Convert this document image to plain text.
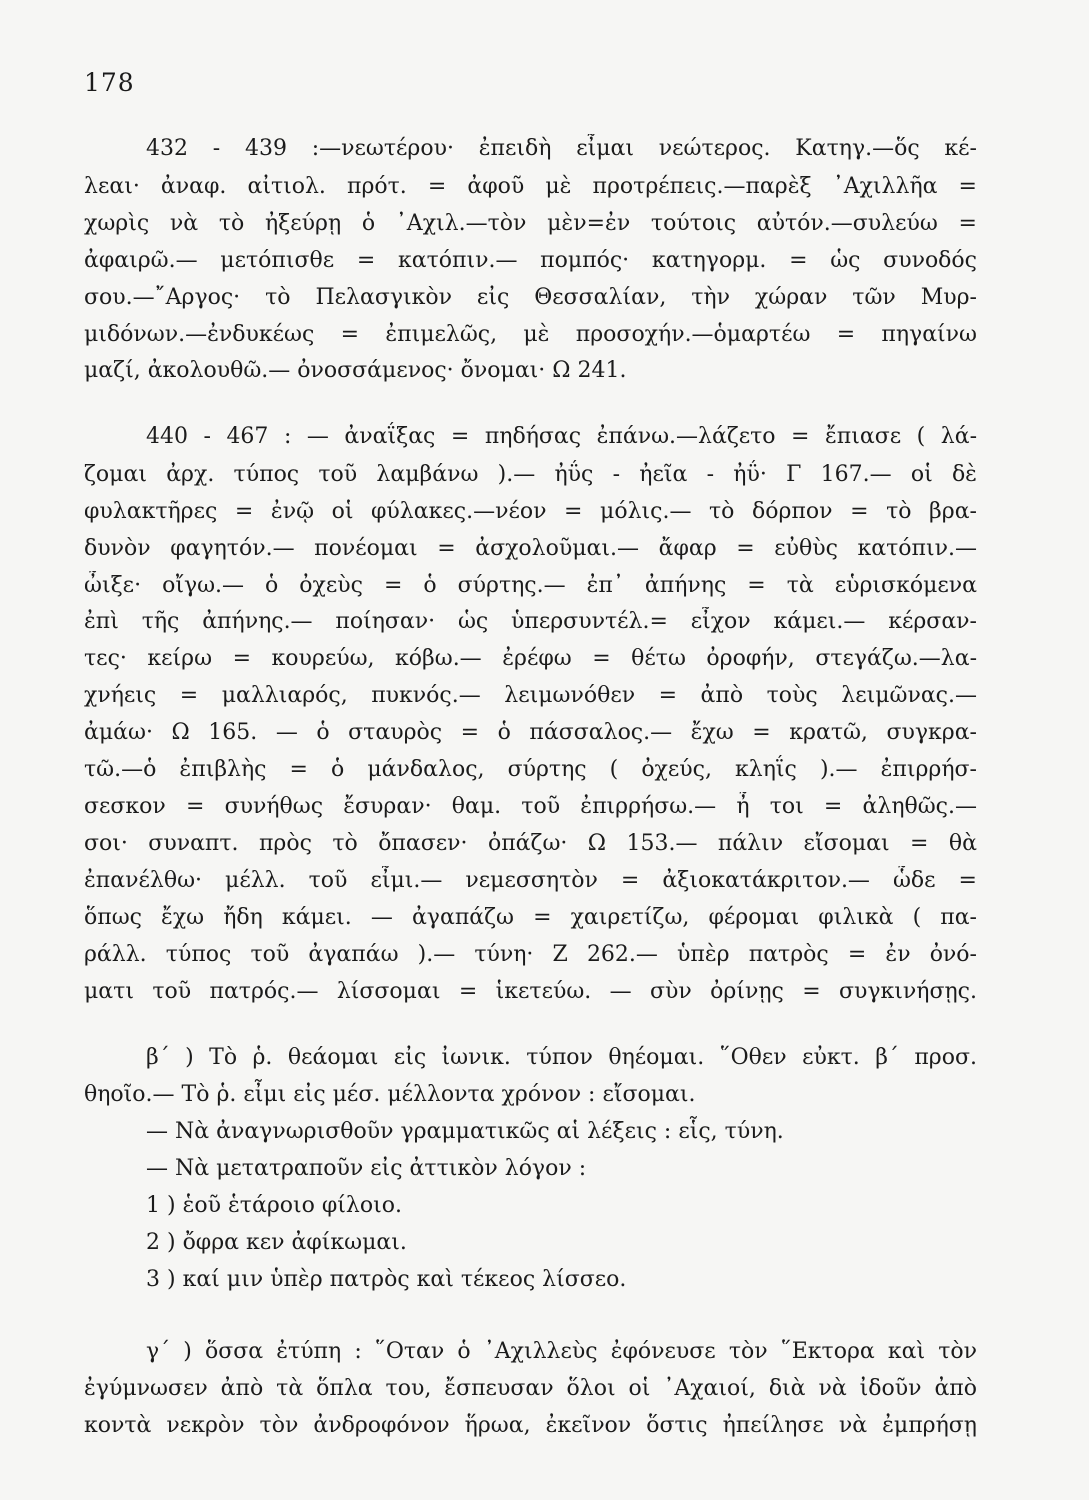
178
432 - 439 :—νεωτέρου· ἐπειδὴ εἶμαι νεώτερος. Κατηγ.—ὅς κέ-
λεαι· ἀναφ. αἰτιολ. πρότ. = ἀφοῦ μὲ προτρέπεις.—παρὲξ ᾽Αχιλλῆα =
χωρὶς νὰ τὸ ἠξεύρῃ ὁ ᾽Αχιλ.—τὸν μὲν=ἐν τούτοις αὐτόν.—συλεύω =
ἀφαιρῶ.— μετόπισθε = κατόπιν.— πομπός· κατηγορμ. = ὡς συνοδός
σου.—῎Αργος· τὸ Πελασγικὸν εἰς Θεσσαλίαν, τὴν χώραν τῶν Μυρ-
μιδόνων.—ἐνδυκέως = ἐπιμελῶς, μὲ προσοχήν.—ὁμαρτέω = πηγαίνω
μαζί, ἀκολουθῶ.— ὀνοσσάμενος· ὄνομαι· Ω 241.
440 - 467 : — ἀναΐξας = πηδήσας ἐπάνω.—λάζετο = ἔπιασε ( λά-
ζομαι ἀρχ. τύπος τοῦ λαμβάνω ).— ἠΰς - ἠεῖα - ἠΰ· Γ 167.— οἱ δὲ
φυλακτῆρες = ἐνῷ οἱ φύλακες.—νέον = μόλις.— τὸ δόρπον = τὸ βρα-
δυνὸν φαγητόν.— πονέομαι = ἀσχολοῦμαι.— ἄφαρ = εὐθὺς κατόπιν.—
ὦιξε· οἴγω.— ὁ ὀχεὺς = ὁ σύρτης.— ἐπ᾽ ἀπήνης = τὰ εὑρισκόμενα
ἐπὶ τῆς ἀπήνης.— ποίησαν· ὡς ὑπερσυντέλ.= εἶχον κάμει.— κέρσαν-
τες· κείρω = κουρεύω, κόβω.— ἐρέφω = θέτω ὀροφήν, στεγάζω.—λα-
χνήεις = μαλλιαρός, πυκνός.— λειμωνόθεν = ἀπὸ τοὺς λειμῶνας.—
ἀμάω· Ω 165. — ὁ σταυρὸς = ὁ πάσσαλος.— ἔχω = κρατῶ, συγκρα-
τῶ.—ὁ ἐπιβλὴς = ὁ μάνδαλος, σύρτης ( ὀχεύς, κληΐς ).— ἐπιρρήσ-
σεσκον = συνήθως ἔσυραν· θαμ. τοῦ ἐπιρρήσω.— ἦ τοι = ἀληθῶς.—
σοι· συναπτ. πρὸς τὸ ὄπασεν· ὀπάζω· Ω 153.— πάλιν εἴσομαι = θὰ
ἐπανέλθω· μέλλ. τοῦ εἶμι.— νεμεσσητὸν = ἀξιοκατάκριτον.— ὧδε =
ὅπως ἔχω ἤδη κάμει. — ἀγαπάζω = χαιρετίζω, φέρομαι φιλικὰ ( πα-
ράλλ. τύπος τοῦ ἀγαπάω ).— τύνη· Ζ 262.— ὑπὲρ πατρὸς = ἐν ὀνό-
ματι τοῦ πατρός.— λίσσομαι = ἱκετεύω. — σὺν ὀρίνῃς = συγκινήσῃς.
β΄ ) Τὸ ῥ. θεάομαι εἰς ἰωνικ. τύπον θηέομαι. ῞Οθεν εὐκτ. β΄ προσ.
θηοῖο.— Τὸ ῥ. εἶμι εἰς μέσ. μέλλοντα χρόνον : εἴσομαι.
— Νὰ ἀναγνωρισθοῦν γραμματικῶς αἱ λέξεις : εἷς, τύνη.
— Νὰ μετατραποῦν εἰς ἀττικὸν λόγον :
1 ) ἑοῦ ἑτάροιο φίλοιο.
2 ) ὄφρα κεν ἀφίκωμαι.
3 ) καί μιν ὑπὲρ πατρὸς καὶ τέκεος λίσσεο.
γ΄ ) ὅσσα ἐτύπη : ῞Οταν ὁ ᾽Αχιλλεὺς ἐφόνευσε τὸν ῞Εκτορα καὶ τὸν
ἐγύμνωσεν ἀπὸ τὰ ὅπλα του, ἔσπευσαν ὅλοι οἱ ᾽Αχαιοί, διὰ νὰ ἰδοῦν ἀπὸ
κοντὰ νεκρὸν τὸν ἀνδροφόνον ἥρωα, ἐκεῖνον ὅστις ἠπείλησε νὰ ἐμπρήσῃ
